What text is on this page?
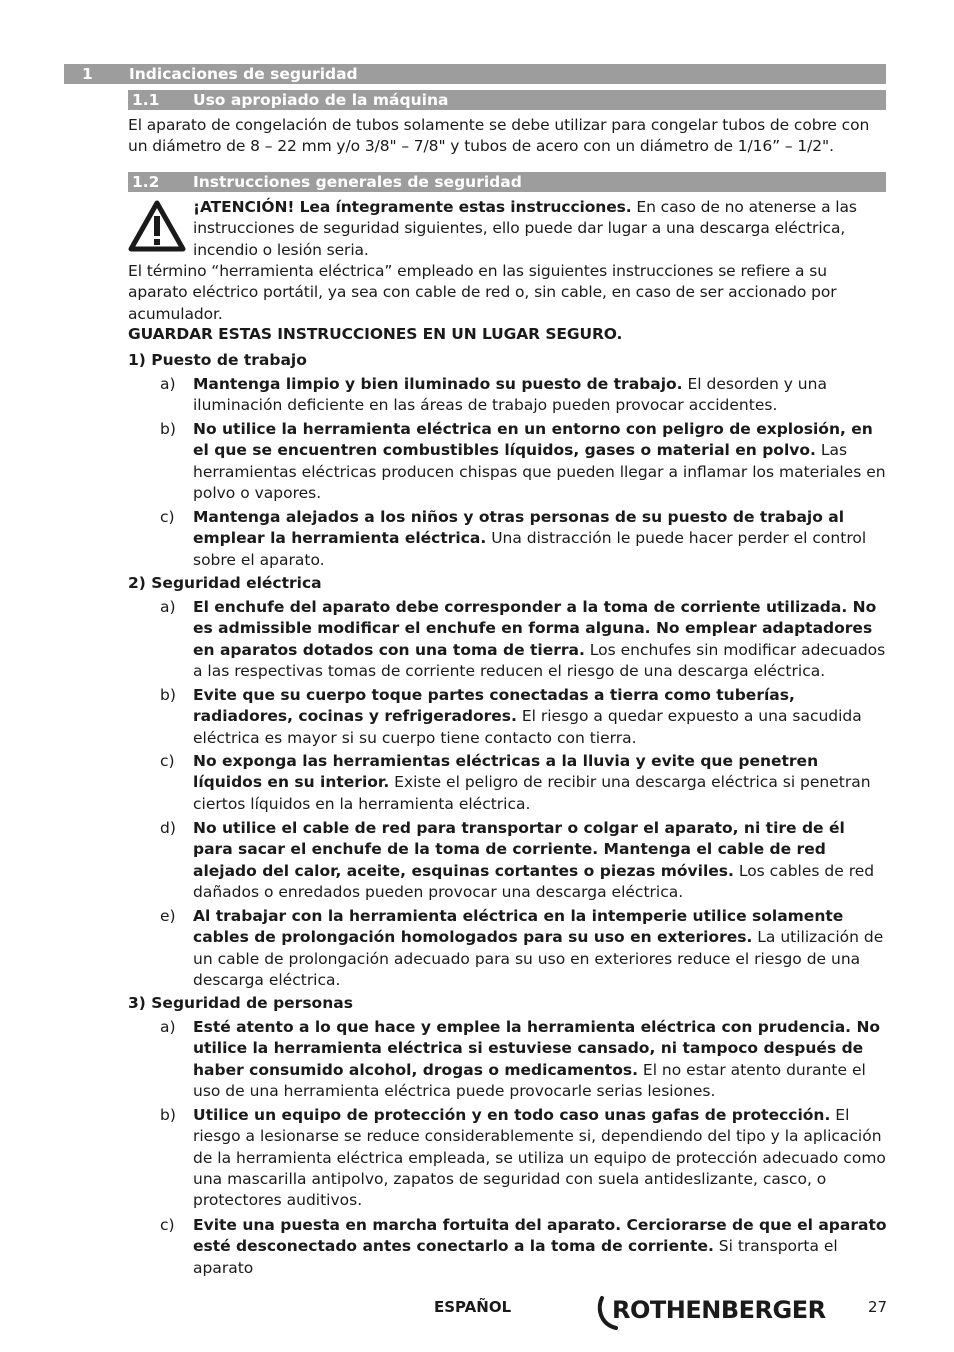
1 Indicaciones de seguridad
1.1 Uso apropiado de la máquina

El aparato de congelación de tubos solamente se debe utilizar para congelar tubos de cobre con un diámetro de 8 – 22 mm y/o 3/8" – 7/8" y tubos de acero con un diámetro de 1/16” – 1/2".

1.2 Instrucciones generales de seguridad

¡ATENCIÓN! Lea íntegramente estas instrucciones. En caso de no atenerse a las instrucciones de seguridad siguientes, ello puede dar lugar a una descarga eléctrica, incendio o lesión seria.

El término “herramienta eléctrica” empleado en las siguientes instrucciones se refiere a su aparato eléctrico portátil, ya sea con cable de red o, sin cable, en caso de ser accionado por acumulador.

GUARDAR ESTAS INSTRUCCIONES EN UN LUGAR SEGURO.

1) Puesto de trabajo
a)	Mantenga limpio y bien iluminado su puesto de trabajo. El desorden y una iluminación deficiente en las áreas de trabajo pueden provocar accidentes.
b)	No utilice la herramienta eléctrica en un entorno con peligro de explosión, en el que se encuentren combustibles líquidos, gases o material en polvo. Las herramientas eléctricas producen chispas que pueden llegar a inflamar los materiales en polvo o vapores.
c)	Mantenga alejados a los niños y otras personas de su puesto de trabajo al emplear la herramienta eléctrica. Una distracción le puede hacer perder el control sobre el aparato.
2) Seguridad eléctrica
a)	El enchufe del aparato debe corresponder a la toma de corriente utilizada. No es admissible modificar el enchufe en forma alguna. No emplear adaptadores en aparatos dotados con una toma de tierra. Los enchufes sin modificar adecuados a las respectivas tomas de corriente reducen el riesgo de una descarga eléctrica.
b)	Evite que su cuerpo toque partes conectadas a tierra como tuberías, radiadores, cocinas y refrigeradores. El riesgo a quedar expuesto a una sacudida eléctrica es mayor si su cuerpo tiene contacto con tierra.
c)	No exponga las herramientas eléctricas a la lluvia y evite que penetren líquidos en su interior. Existe el peligro de recibir una descarga eléctrica si penetran ciertos líquidos en la herramienta eléctrica.
d)	No utilice el cable de red para transportar o colgar el aparato, ni tire de él para sacar el enchufe de la toma de corriente. Mantenga el cable de red alejado del calor, aceite, esquinas cortantes o piezas móviles. Los cables de red dañados o enredados pueden provocar una descarga eléctrica.
e)	Al trabajar con la herramienta eléctrica en la intemperie utilice solamente cables de prolongación homologados para su uso en exteriores. La utilización de un cable de prolongación adecuado para su uso en exteriores reduce el riesgo de una descarga eléctrica.
3) Seguridad de personas
a)	Esté atento a lo que hace y emplee la herramienta eléctrica con prudencia. No utilice la herramienta eléctrica si estuviese cansado, ni tampoco después de haber consumido alcohol, drogas o medicamentos. El no estar atento durante el uso de una herramienta eléctrica puede provocarle serias lesiones.
b)	Utilice un equipo de protección y en todo caso unas gafas de protección. El riesgo a lesionarse se reduce considerablemente si, dependiendo del tipo y la aplicación de la herramienta eléctrica empleada, se utiliza un equipo de protección adecuado como una mascarilla antipolvo, zapatos de seguridad con suela antideslizante, casco, o protectores auditivos.
c)	Evite una puesta en marcha fortuita del aparato. Cerciorarse de que el aparato esté desconectado antes conectarlo a la toma de corriente. Si transporta el aparato
ESPAÑOL	ROTHENBERGER	27
